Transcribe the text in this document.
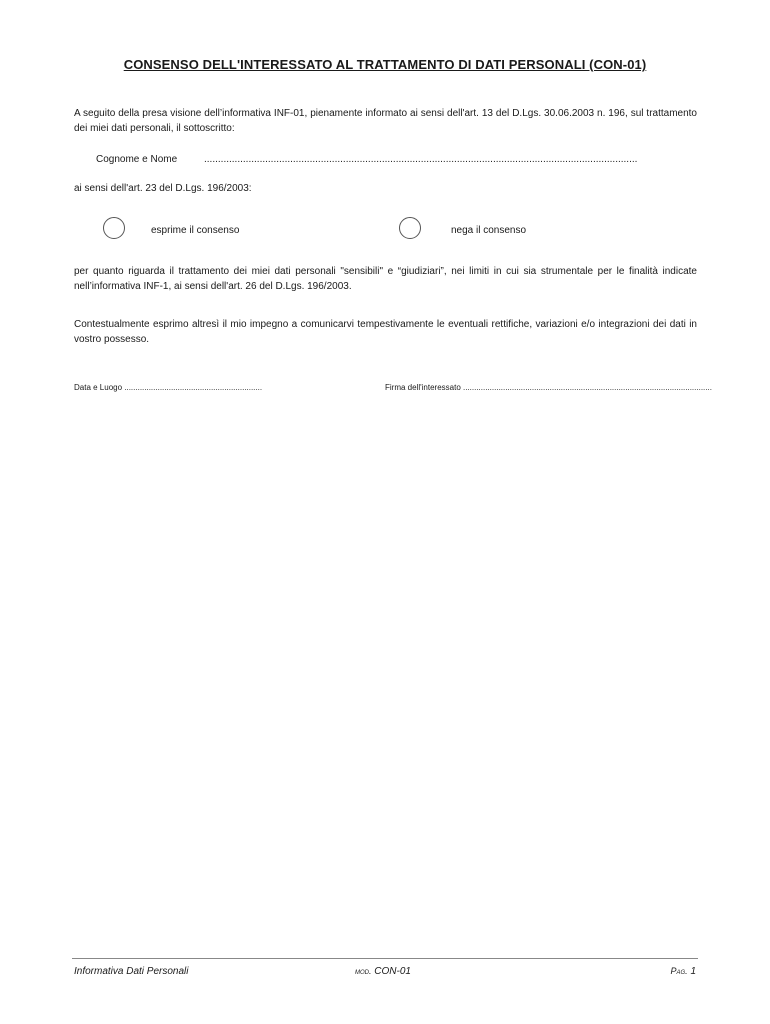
CONSENSO DELL'INTERESSATO AL TRATTAMENTO DI DATI PERSONALI (CON-01)
A seguito della presa visione dell’informativa INF-01, pienamente informato ai sensi dell'art. 13 del D.Lgs. 30.06.2003 n. 196, sul trattamento dei miei dati personali, il sottoscritto:
Cognome e Nome	............................................................................................................................................................
ai sensi dell'art. 23 del D.Lgs. 196/2003:
esprime il consenso	nega il consenso
per quanto riguarda il trattamento dei miei dati personali "sensibili" e “giudiziari”, nei limiti in cui sia strumentale per le finalità indicate nell’informativa INF-1, ai sensi dell'art. 26 del D.Lgs. 196/2003.
Contestualmente esprimo altresì il mio impegno a comunicarvi tempestivamente le eventuali rettifiche, variazioni e/o integrazioni dei dati in vostro possesso.
Data e Luogo ..............................................................	Firma dell'interessato ................................................................................................................
Informativa Dati Personali	mod. CON-01	Pag. 1
